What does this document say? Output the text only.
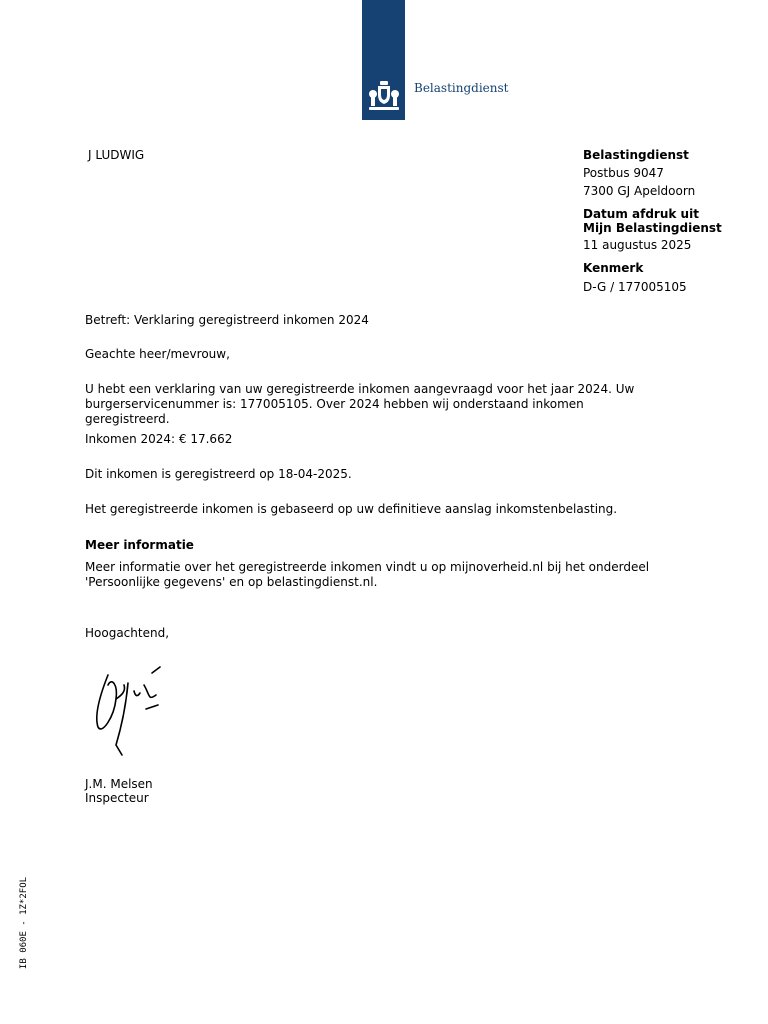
Belastingdienst
J LUDWIG	Belastingdienst
Postbus 9047
7300 GJ Apeldoorn
Datum afdruk uit
Mijn Belastingdienst
11 augustus 2025
Kenmerk
D-G / 177005105
Betreft: Verklaring geregistreerd inkomen 2024
Geachte heer/mevrouw,
U hebt een verklaring van uw geregistreerde inkomen aangevraagd voor het jaar 2024. Uw burgerservicenummer is: 177005105. Over 2024 hebben wij onderstaand inkomen geregistreerd.
Inkomen 2024: € 17.662
Dit inkomen is geregistreerd op 18-04-2025.
Het geregistreerde inkomen is gebaseerd op uw definitieve aanslag inkomstenbelasting.
Meer informatie
Meer informatie over het geregistreerde inkomen vindt u op mijnoverheid.nl bij het onderdeel 'Persoonlijke gegevens' en op belastingdienst.nl.
Hoogachtend,
J.M. Melsen
Inspecteur
IB 060E - 1Z*2FOL
